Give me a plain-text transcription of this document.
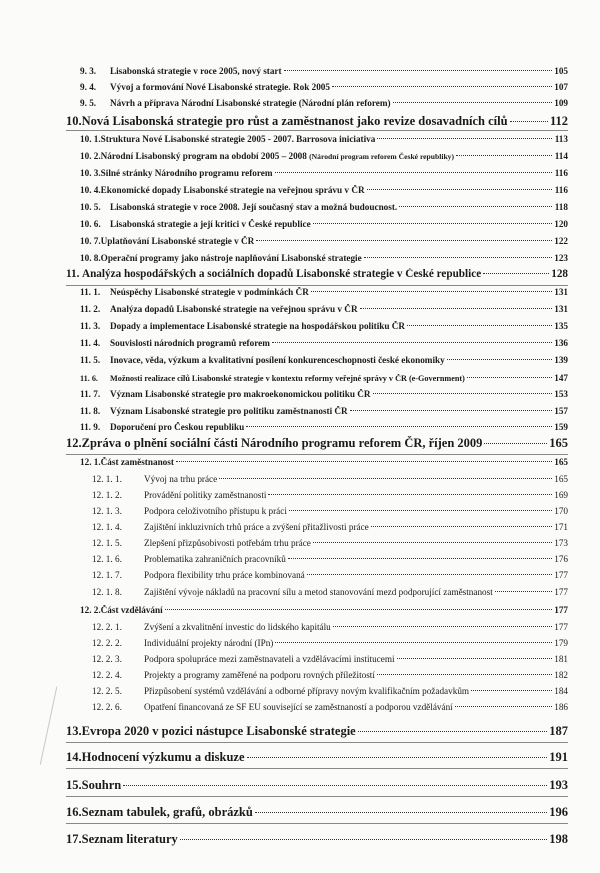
9. 3.	Lisabonská strategie v roce 2005, nový start	105
9. 4.	Vývoj a formování Nové Lisabonské strategie. Rok 2005	107
9. 5.	Návrh a příprava Národní Lisabonské strategie (Národní plán reforem)	109
10. Nová Lisabonská strategie pro růst a zaměstnanost jako revize dosavadních cílů	112
10. 1. Struktura Nové Lisabonské strategie 2005 - 2007. Barrosova iniciativa	113
10. 2. Národní Lisabonský program na období 2005 – 2008 (Národní program reforem České republiky)	114
10. 3. Silné stránky Národního programu reforem	116
10. 4. Ekonomické dopady Lisabonské strategie na veřejnou správu v ČR	116
10. 5.	Lisabonská strategie v roce 2008. Její současný stav a možná budoucnost.	118
10. 6.	Lisabonská strategie a její kritici v České republice	120
10. 7. Uplatňování Lisabonské strategie v ČR	122
10. 8. Operační programy jako nástroje naplňování Lisabonské strategie	123
11. Analýza hospodářských a sociálních dopadů Lisabonské strategie v České republice	128
11. 1.	Neúspěchy Lisabonské strategie v podmínkách ČR	131
11. 2.	Analýza dopadů Lisabonské strategie na veřejnou správu v ČR	131
11. 3.	Dopady a implementace Lisabonské strategie na hospodářskou politiku ČR	135
11. 4.	Souvislosti národních programů reforem	136
11. 5.	Inovace, věda, výzkum a kvalitativní posílení konkurenceschopnosti české ekonomiky	139
11. 6.	Možnosti realizace cílů Lisabonské strategie v kontextu reformy veřejné správy v ČR (e-Government)	147
11. 7.	Význam Lisabonské strategie pro makroekonomickou politiku ČR	153
11. 8.	Význam Lisabonské strategie pro politiku zaměstnanosti ČR	157
11. 9.	Doporučení pro Českou republiku	159
12. Zpráva o plnění sociální části Národního programu reforem ČR, říjen 2009	165
12. 1. Část zaměstnanost	165
12. 1. 1.	Vývoj na trhu práce	165
12. 1. 2.	Provádění politiky zaměstnanosti	169
12. 1. 3.	Podpora celoživotního přístupu k práci	170
12. 1. 4.	Zajištění inkluzivních trhů práce a zvýšení přitažlivosti práce	171
12. 1. 5.	Zlepšení přizpůsobivosti potřebám trhu práce	173
12. 1. 6.	Problematika zahraničních pracovníků	176
12. 1. 7.	Podpora flexibility trhu práce kombinovaná	177
12. 1. 8.	Zajištění vývoje nákladů na pracovní sílu a metod stanovování mezd podporující zaměstnanost	177
12. 2. Část vzdělávání	177
12. 2. 1.	Zvýšení a zkvalitnění investic do lidského kapitálu	177
12. 2. 2.	Individuální projekty národní (IPn)	179
12. 2. 3.	Podpora spolupráce mezi zaměstnavateli a vzdělávacími institucemi	181
12. 2. 4.	Projekty a programy zaměřené na podporu rovných příležitostí	182
12. 2. 5.	Přizpůsobení systémů vzdělávání a odborné přípravy novým kvalifikačním požadavkům	184
12. 2. 6.	Opatření financovaná ze SF EU související se zaměstnaností a podporou vzdělávání	186
13. Evropa 2020 v pozici nástupce Lisabonské strategie	187
14. Hodnocení výzkumu a diskuze	191
15. Souhrn	193
16. Seznam tabulek, grafů, obrázků	196
17. Seznam literatury	198
